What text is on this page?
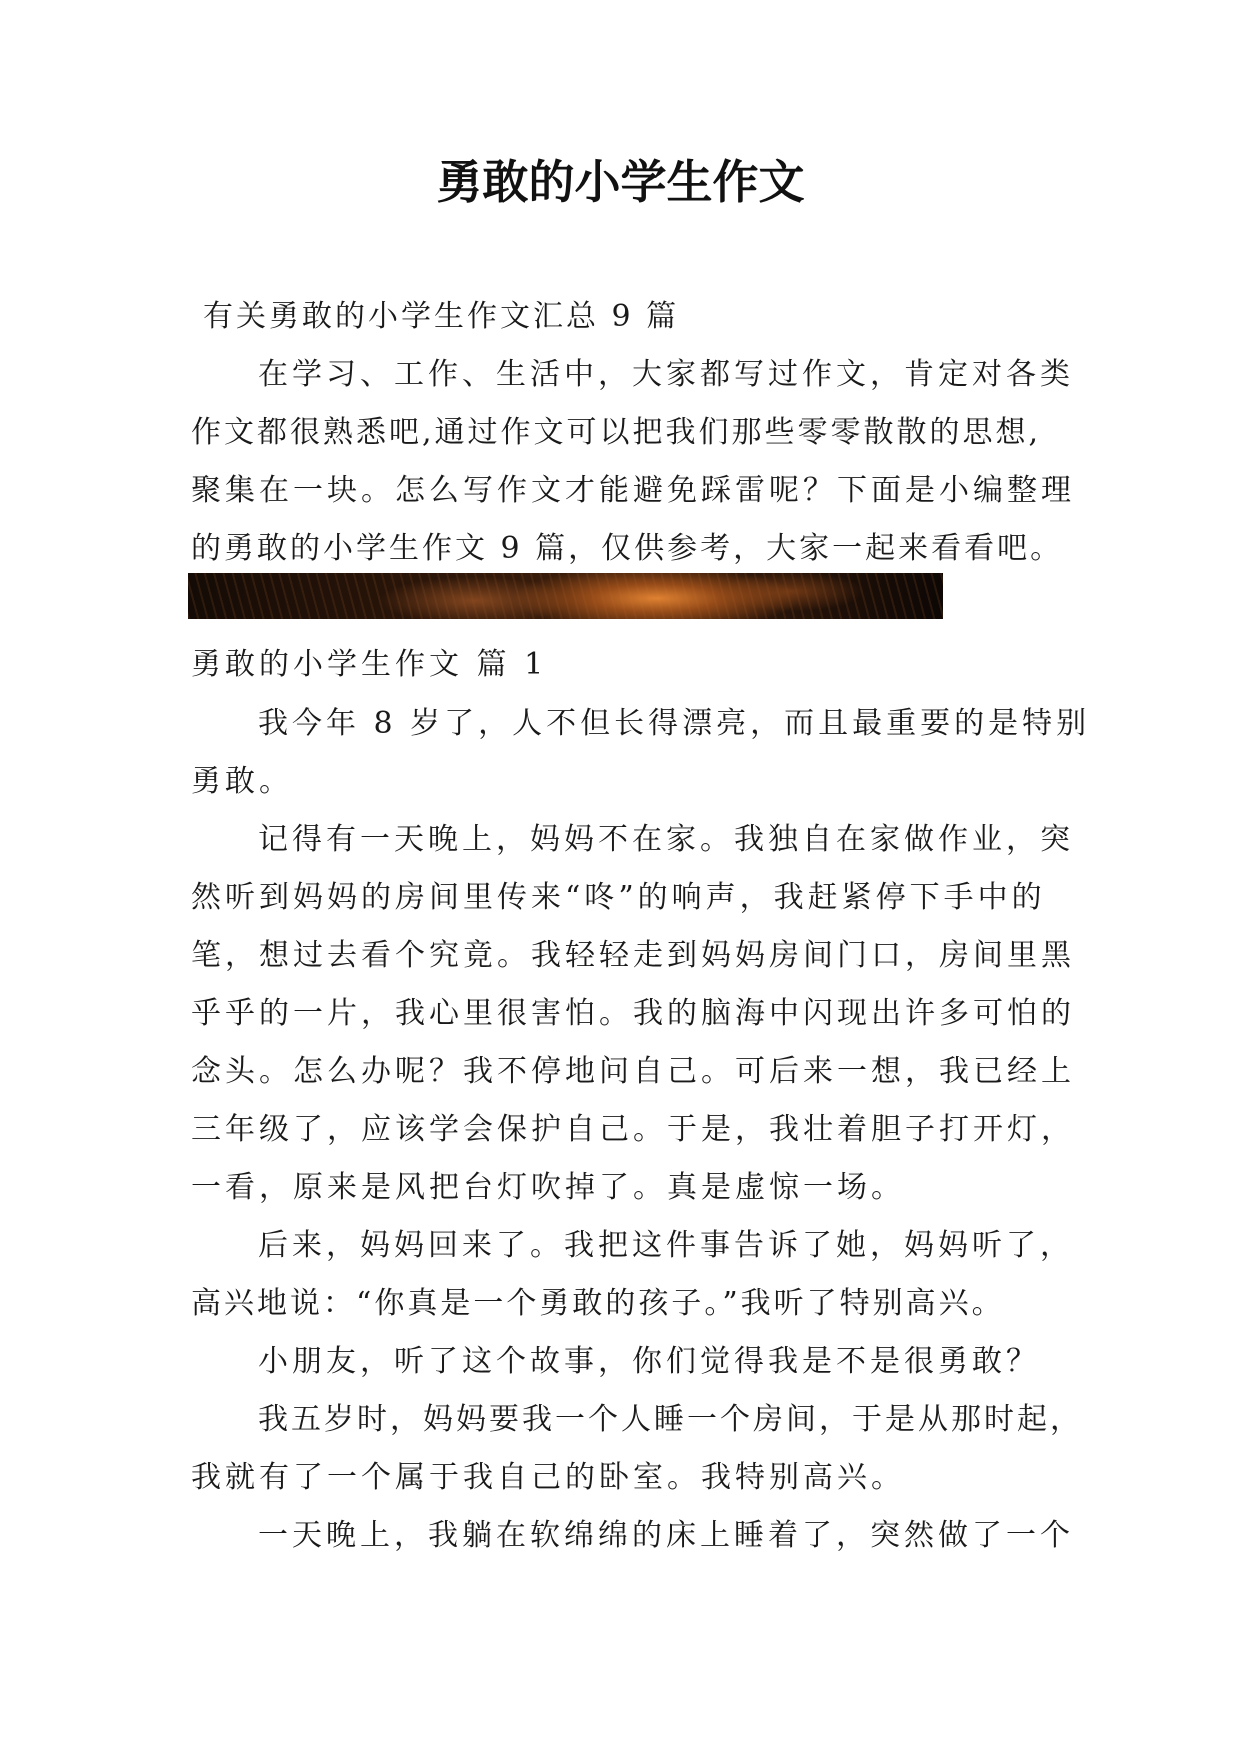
勇敢的小学生作文

有关勇敢的小学生作文汇总 9 篇

在学习、工作、生活中，大家都写过作文，肯定对各类

作文都很熟悉吧,通过作文可以把我们那些零零散散的思想,

聚集在一块。怎么写作文才能避免踩雷呢？下面是小编整理

的勇敢的小学生作文 9 篇，仅供参考，大家一起来看看吧。

勇敢的小学生作文 篇 1

我今年 8 岁了，人不但长得漂亮，而且最重要的是特别

勇敢。

记得有一天晚上，妈妈不在家。我独自在家做作业，突

然听到妈妈的房间里传来“咚”的响声，我赶紧停下手中的

笔，想过去看个究竟。我轻轻走到妈妈房间门口，房间里黑

乎乎的一片，我心里很害怕。我的脑海中闪现出许多可怕的

念头。怎么办呢？我不停地问自己。可后来一想，我已经上

三年级了，应该学会保护自己。于是，我壮着胆子打开灯，

一看，原来是风把台灯吹掉了。真是虚惊一场。

后来，妈妈回来了。我把这件事告诉了她，妈妈听了，

高兴地说：“你真是一个勇敢的孩子。”我听了特别高兴。

小朋友，听了这个故事，你们觉得我是不是很勇敢？

我五岁时，妈妈要我一个人睡一个房间，于是从那时起，

我就有了一个属于我自己的卧室。我特别高兴。

一天晚上，我躺在软绵绵的床上睡着了，突然做了一个
